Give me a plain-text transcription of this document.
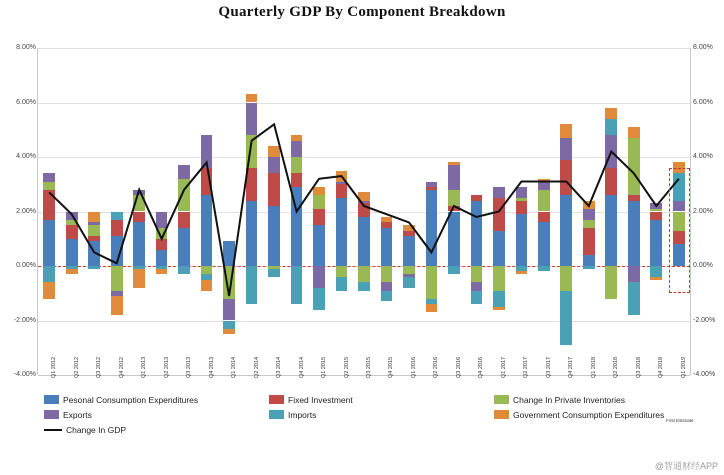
Quarterly GDP By Component Breakdown
8.00%	8.00%
6.00%	6.00%
4.00%	4.00%
2.00%	2.00%
0.00%	0.00%
-2.00%	-2.00%
-4.00%	-4.00%
Q1 2012	Q2 2012	Q3 2012	Q4 2012	Q1 2013	Q2 2013	Q3 2013	Q4 2013	Q1 2014	Q2 2014	Q3 2014	Q4 2014	Q1 2015	Q2 2015	Q3 2015	Q4 2015	Q1 2016	Q2 2016	Q3 2016	Q4 2016	Q1 2017	Q2 2017	Q3 2017	Q4 2017	Q1 2018	Q2 2018	Q3 2018	Q4 2018	Q1 2019
First Estimate
Pesonal Consumption Expenditures	Fixed Investment	Change In Private Inventories
Exports	Imports	Government Consumption Expenditures
Change In GDP
@智通财经APP
